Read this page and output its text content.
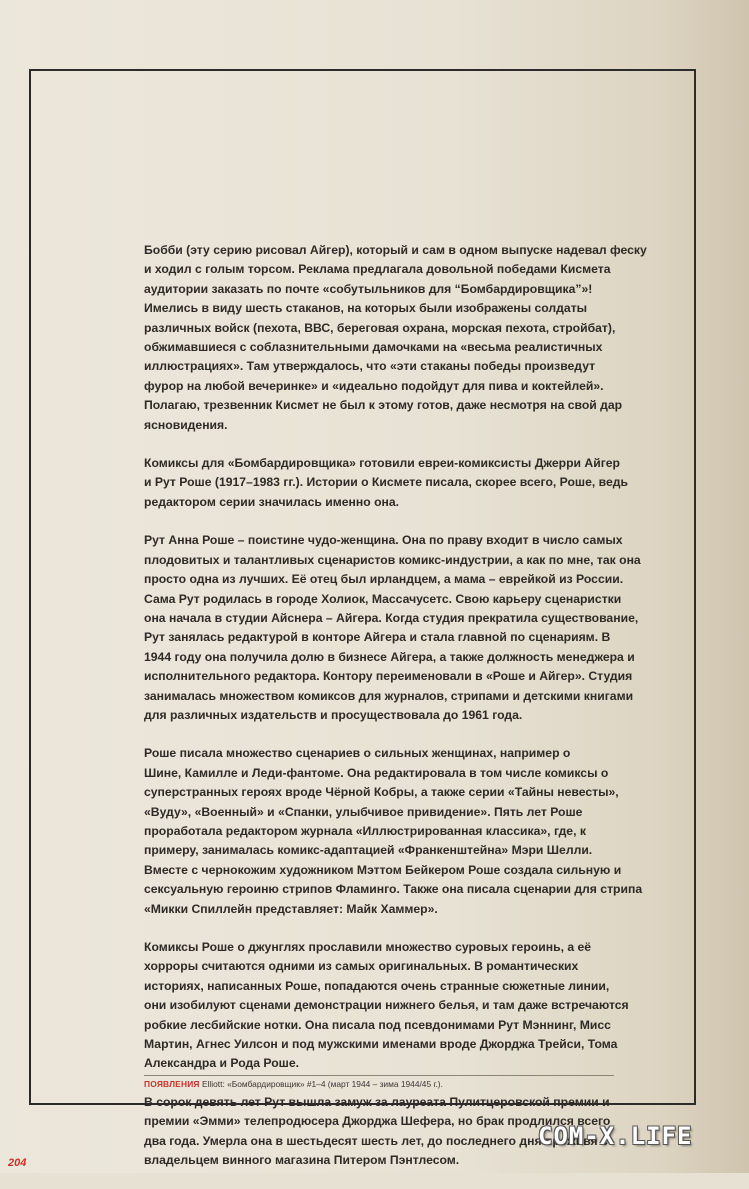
Бобби (эту серию рисовал Айгер), который и сам в одном выпуске надевал феску
и ходил с голым торсом. Реклама предлагала довольной победами Кисмета
аудитории заказать по почте «собутыльников для “Бомбардировщика”»!
Имелись в виду шесть стаканов, на которых были изображены солдаты
различных войск (пехота, ВВС, береговая охрана, морская пехота, стройбат),
обжимавшиеся с соблазнительными дамочками на «весьма реалистичных
иллюстрациях». Там утверждалось, что «эти стаканы победы произведут
фурор на любой вечеринке» и «идеально подойдут для пива и коктейлей».
Полагаю, трезвенник Кисмет не был к этому готов, даже несмотря на свой дар
ясновидения.

Комиксы для «Бомбардировщика» готовили евреи-комиксисты Джерри Айгер
и Рут Роше (1917–1983 гг.). Истории о Кисмете писала, скорее всего, Роше, ведь
редактором серии значилась именно она.

Рут Анна Роше – поистине чудо-женщина. Она по праву входит в число самых
плодовитых и талантливых сценаристов комикс-индустрии, а как по мне, так она
просто одна из лучших. Её отец был ирландцем, а мама – еврейкой из России.
Сама Рут родилась в городе Холиок, Массачусетс. Свою карьеру сценаристки
она начала в студии Айснера – Айгера. Когда студия прекратила существование,
Рут занялась редактурой в конторе Айгера и стала главной по сценариям. В
1944 году она получила долю в бизнесе Айгера, а также должность менеджера и
исполнительного редактора. Контору переименовали в «Роше и Айгер». Студия
занималась множеством комиксов для журналов, стрипами и детскими книгами
для различных издательств и просуществовала до 1961 года.

Роше писала множество сценариев о сильных женщинах, например о
Шине, Камилле и Леди-фантоме. Она редактировала в том числе комиксы о
суперстранных героях вроде Чёрной Кобры, а также серии «Тайны невесты»,
«Вуду», «Военный» и «Спанки, улыбчивое привидение». Пять лет Роше
проработала редактором журнала «Иллюстрированная классика», где, к
примеру, занималась комикс-адаптацией «Франкенштейна» Мэри Шелли.
Вместе с чернокожим художником Мэттом Бейкером Роше создала сильную и
сексуальную героиню стрипов Фламинго. Также она писала сценарии для стрипа
«Микки Спиллейн представляет: Майк Хаммер».

Комиксы Роше о джунглях прославили множество суровых героинь, а её
хорроры считаются одними из самых оригинальных. В романтических
историях, написанных Роше, попадаются очень странные сюжетные линии,
они изобилуют сценами демонстрации нижнего белья, и там даже встречаются
робкие лесбийские нотки. Она писала под псевдонимами Рут Мэннинг, Мисс
Мартин, Агнес Уилсон и под мужскими именами вроде Джорджа Трейси, Тома
Александра и Рода Роше.

В сорок девять лет Рут вышла замуж за лауреата Пулитцеровской премии и
премии «Эмми» телепродюсера Джорджа Шефера, но брак продлился всего
два года. Умерла она в шестьдесят шесть лет, до последнего дня проживя с
владельцем винного магазина Питером Пэнтлесом.

ПОЯВЛЕНИЯ Elliott: «Бомбардировщик» #1–4 (март 1944 – зима 1944/45 г.).
204
COM-X.LIFE
